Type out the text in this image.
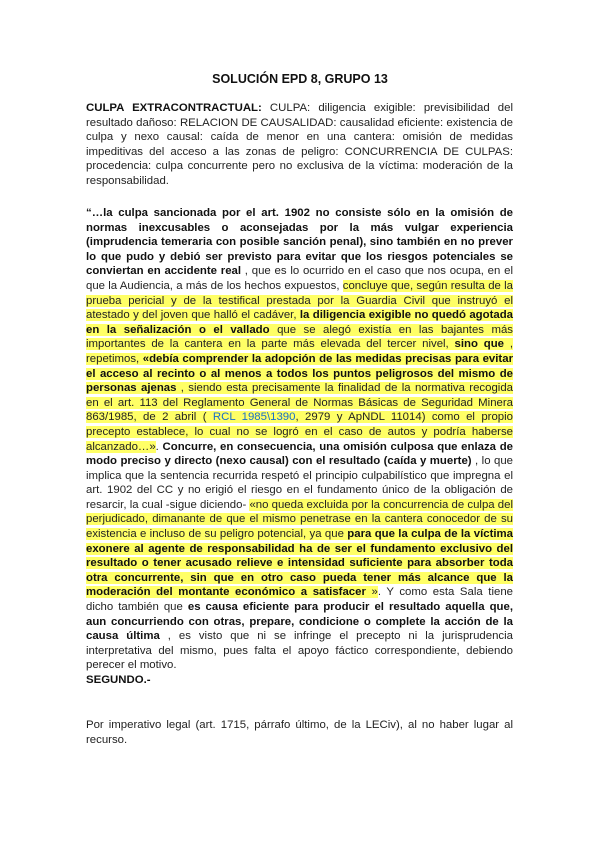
SOLUCIÓN EPD 8, GRUPO 13
CULPA EXTRACONTRACTUAL: CULPA: diligencia exigible: previsibilidad del resultado dañoso: RELACION DE CAUSALIDAD: causalidad eficiente: existencia de culpa y nexo causal: caída de menor en una cantera: omisión de medidas impeditivas del acceso a las zonas de peligro: CONCURRENCIA DE CULPAS: procedencia: culpa concurrente pero no exclusiva de la víctima: moderación de la responsabilidad.
“…la culpa sancionada por el art. 1902 no consiste sólo en la omisión de normas inexcusables o aconsejadas por la más vulgar experiencia (imprudencia temeraria con posible sanción penal), sino también en no prever lo que pudo y debió ser previsto para evitar que los riesgos potenciales se conviertan en accidente real , que es lo ocurrido en el caso que nos ocupa, en el que la Audiencia, a más de los hechos expuestos, concluye que, según resulta de la prueba pericial y de la testifical prestada por la Guardia Civil que instruyó el atestado y del joven que halló el cadáver, la diligencia exigible no quedó agotada en la señalización o el vallado que se alegó existía en las bajantes más importantes de la cantera en la parte más elevada del tercer nivel, sino que , repetimos, «debía comprender la adopción de las medidas precisas para evitar el acceso al recinto o al menos a todos los puntos peligrosos del mismo de personas ajenas , siendo esta precisamente la finalidad de la normativa recogida en el art. 113 del Reglamento General de Normas Básicas de Seguridad Minera 863/1985, de 2 abril ( RCL 1985\1390, 2979 y ApNDL 11014) como el propio precepto establece, lo cual no se logró en el caso de autos y podría haberse alcanzado…». Concurre, en consecuencia, una omisión culposa que enlaza de modo preciso y directo (nexo causal) con el resultado (caída y muerte) , lo que implica que la sentencia recurrida respetó el principio culpabilístico que impregna el art. 1902 del CC y no erigió el riesgo en el fundamento único de la obligación de resarcir, la cual -sigue diciendo- «no queda excluida por la concurrencia de culpa del perjudicado, dimanante de que el mismo penetrase en la cantera conocedor de su existencia e incluso de su peligro potencial, ya que para que la culpa de la víctima exonere al agente de responsabilidad ha de ser el fundamento exclusivo del resultado o tener acusado relieve e intensidad suficiente para absorber toda otra concurrente, sin que en otro caso pueda tener más alcance que la moderación del montante económico a satisfacer ». Y como esta Sala tiene dicho también que es causa eficiente para producir el resultado aquella que, aun concurriendo con otras, prepare, condicione o complete la acción de la causa última , es visto que ni se infringe el precepto ni la jurisprudencia interpretativa del mismo, pues falta el apoyo fáctico correspondiente, debiendo perecer el motivo.
SEGUNDO.-
Por imperativo legal (art. 1715, párrafo último, de la LECiv), al no haber lugar al recurso.
